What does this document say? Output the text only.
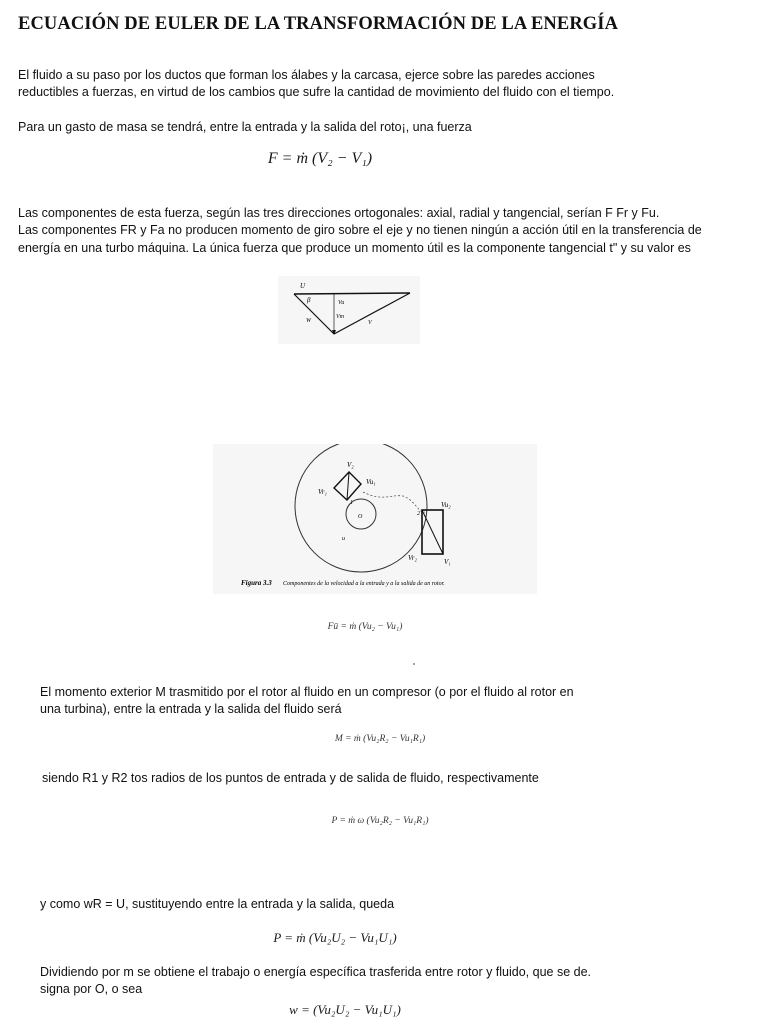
ECUACIÓN DE EULER DE LA TRANSFORMACIÓN DE LA ENERGÍA
El fluido a su paso por los ductos que forman los álabes y la carcasa, ejerce sobre las paredes acciones
reductibles a fuerzas, en virtud de los cambios que sufre la cantidad de movimiento del fluido con el tiempo.
Para un gasto de masa se tendrá, entre la entrada y la salida del roto¡, una fuerza
F = ṁ (V₂ − V₁)
Las componentes de esta fuerza, según las tres direcciones ortogonales: axial, radial y tangencial, serían F Fr y Fu.
Las componentes FR y Fa no producen momento de giro sobre el eje y no tienen ningún a acción útil en la transferencia de
energía en una turbo máquina. La única fuerza que produce un momento útil es la componente tangencial t" y su valor es
U
β	Vu
Vm
W	V
V₂
Vr₁
Vu₁
Vu₂
Vr₂	V₁
O
1
2
u
Figura 3.3 Componentes de la velocidad a la entrada y a la salida de un rotor.
Fū = ṁ (Vu₂ − Vu₁)
El momento exterior M trasmitido por el rotor al fluido en un compresor (o por el fluido al rotor en
una turbina), entre la entrada y la salida del fluido será
M = ṁ (Vu₂R₂ − Vu₁R₁)
siendo R1 y R2 tos radios de los puntos de entrada y de salida de fluido, respectivamente
P = ṁ ω (Vu₂R₂ − Vu₁R₁)
y como wR = U, sustituyendo entre la entrada y la salida, queda
P = ṁ (Vu₂U₂ − Vu₁U₁)
Dividiendo por m se obtiene el trabajo o energía específica trasferida entre rotor y fluido, que se de.
signa por O, o sea
w = (Vu₂U₂ − Vu₁U₁)
